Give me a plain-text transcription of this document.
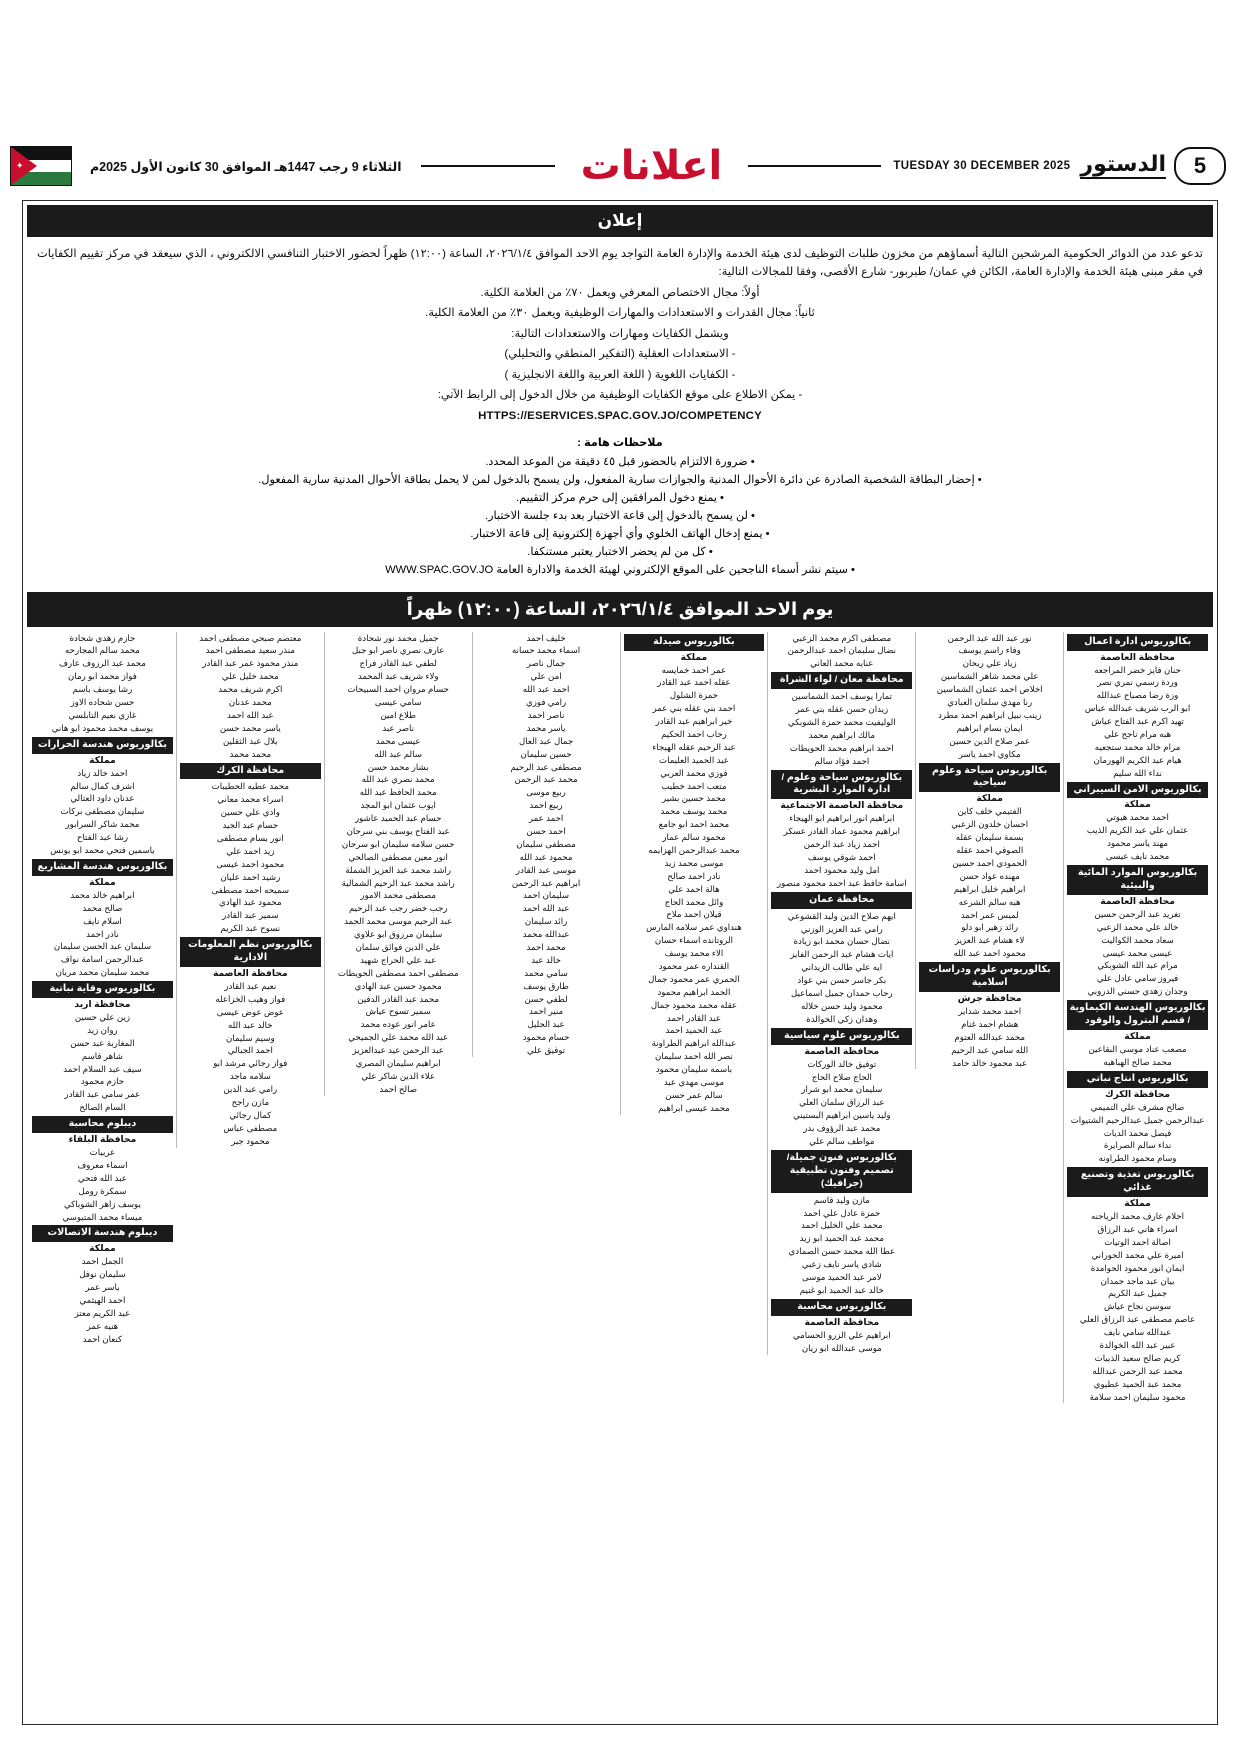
5
الدستور
TUESDAY 30 DECEMBER 2025
اعلانات
الثلاثاء 9 رجب 1447هـ الموافق 30 كانون الأول 2025م
✦
إعلان

تدعو عدد من الدوائر الحكومية المرشحين التالية أسماؤهم من مخزون طلبات التوظيف لدى هيئة الخدمة والإدارة العامة التواجد يوم الاحد الموافق ٢٠٢٦/١/٤، الساعة (١٢:٠٠) ظهراً لحضور الاختبار التنافسي الالكتروني ، الذي سيعقد في مركز تقييم الكفايات في مقر مبنى هيئة الخدمة والإدارة العامة، الكائن في عمان/ طبربور- شارع الأقصى، وفقا للمجالات التالية:

أولاً: مجال الاختصاص المعرفي ويعمل ٧٠٪ من العلامة الكلية.

ثانياً: مجال القدرات و الاستعدادات والمهارات الوظيفية ويعمل ٣٠٪ من العلامة الكلية.

ويشمل الكفايات ومهارات والاستعدادات التالية:

- الاستعدادات العقلية (التفكير المنطقي والتحليلي)

- الكفايات اللغوية ( اللغة العربية واللغة الانجليزية )

- يمكن الاطلاع على موقع الكفايات الوظيفية من خلال الدخول إلى الرابط الآتي:

HTTPS://ESERVICES.SPAC.GOV.JO/COMPETENCY

ملاحظات هامة :
• ضرورة الالتزام بالحضور قبل ٤٥ دقيقة من الموعد المحدد.
• إحضار البطاقة الشخصية الصادرة عن دائرة الأحوال المدنية والجوازات سارية المفعول، ولن يسمح بالدخول لمن لا يحمل بطاقة الأحوال المدنية سارية المفعول.
• يمنع دخول المرافقين إلى حرم مركز التقييم.
• لن يسمح بالدخول إلى قاعة الاختبار بعد بدء جلسة الاختبار.
• يمنع إدخال الهاتف الخلوي وأي أجهزة إلكترونية إلى قاعة الاختبار.
• كل من لم يحضر الاختبار يعتبر مستنكفا.
• سيتم نشر أسماء الناجحين على الموقع الإلكتروني لهيئة الخدمة والادارة العامة WWW.SPAC.GOV.JO
يوم الاحد الموافق ٢٠٢٦/١/٤، الساعة (١٢:٠٠) ظهراً
بكالوريوس ادارة اعمال
محافظة العاصمة
حنان فايز خضر المراجعه
وردة رسمي نمري نصر
وزة رضا مصباح عبدالله
ابو الرب شريف عبدالله عباس
تهيد اكرم عبد الفتاح عياش
هبه مرام ناجح علي
مرام خالد محمد ستجعيه
هيام عبد الكريم الهورمان
نداء الله سليم
بكالوريوس الامن السيبراني
مملكة
احمد محمد هيوتي
عثمان علي عبد الكريم الذيب
مهند ياسر محمود
محمد نايف عيسى
بكالوريوس الموارد المائية والبيئية
محافظة العاصمة
تغريد عبد الرحمن حسين
خالد علي محمد الزعبي
سعاد محمد الكواليت
عيسى محمد عيسى
مرام عبد الله الشوبكي
فيروز سامي عادل علي
وجدان زهدي حسني الدروبي
بكالوريوس الهندسة الكيماوية / قسم البترول والوقود
مملكة
مصعب عناد موسى البقاعين
محمد صالح الهباهبه
بكالوريوس انتاج نباتي
محافظة الكرك
صالح مشرف علي التميمي
عبدالرحمن جميل عبدالرحيم الشتيوات
فيصل محمد الديات
نداء سالم الصرايرة
وسام محمود الطراونه
بكالوريوس تغذية وتصنيع غذائي
مملكة
احلام عارف محمد الرياحنه
اسراء هاني عبد الرزاق
اصالة احمد الوتيات
اميرة علي محمد الحوراني
ايمان انور محمود الحوامدة
بيان عبد ماجد حمدان
جميل عبد الكريم
سوسن نجاح عياش
عاصم مصطفى عبد الرزاق العلي
عبدالله سامي نايف
عبير عبد الله الخوالدة
كريم صالح سعيد الذيبات
محمد عبد الرحمن عبدالله
محمد عبد الحميد عطيوي
محمود سليمان احمد سلامة
نور عبد الله عبد الرحمن
وفاء راسم يوسف
زياد علي ريحان
علي محمد شاهر الشماسين
اخلاص احمد عثمان الشماسين
رنا مهدي سلمان العبادي
زينب نبيل ابراهيم احمد مطرد
ايمان بسام ابراهيم
عمر صلاح الدين حسين
مكاوي احمد ياسر
بكالوريوس سياحة وعلوم سياحية
مملكة
الفتيمي خلف كاين
احسان خلدون الزعبي
بسمة سليمان عقله
الصوفي احمد عقله
الحمودي احمد حسين
مهنده عواد حسن
ابراهيم خليل ابراهيم
هبه سالم الشرعه
لميس عمر احمد
رائد زهير ابو دلو
لاء هشام عبد العزيز
محمود احمد عبد الله
بكالوريوس علوم ودراسات اسلامية
محافظة جرش
احمد محمد شداير
هشام احمد غنام
محمد عبدالله العتوم
الله سامي عبد الرحيم
عبد محمود خالد حامد
مصطفى اكرم محمد الزعبي
نضال سليمان احمد عبدالرحمن
عنايه محمد العاني
محافظة معان / لواء الشراة
تمارا يوسف احمد الشماسين
زيدان حسن عقله بني عمر
الوليفيت محمد حمزة الشوبكي
مالك ابراهيم محمد
احمد ابراهيم محمد الحويطات
احمد فؤاد سالم
بكالوريوس سياحة وعلوم / ادارة الموارد البشرية
محافظة العاصمة الاجتماعية
ابراهيم انور ابراهيم ابو الهيجاء
ابراهيم محمود عماد القادر عسكر
احمد زياد عبد الرحمن
احمد شوقي يوسف
امل وليد محمود احمد
اسامة حافظ عبد احمد محمود منصور
محافظة عمان
ايهم صلاح الدين وليد القشوعي
رامي عبد العزيز الوزني
نضال حسان محمد ابو زيادة
ايات هشام عبد الرحمن الفايز
ايه علي طالب الزيداني
بكر جاسر حسن بني عواد
رحاب حمدان جميل اسماعيل
محمود وليد حسن خلاله
وهدان زكي الخوالدة
بكالوريوس علوم سياسية
محافظة العاصمة
توفيق خالد الوركات
الحاج صلاح الحاج
سليمان محمد ابو شرار
عبد الرزاق سلمان العلي
وليد ياسين ابراهيم البستيني
محمد عبد الرؤوف بدر
مواطف سالم علي
بكالوريوس فنون جميلة/تصميم وفنون تطبيقية (جرافيك)
مازن وليد قاسم
حمزة عادل علي احمد
محمد علي الخليل احمد
محمد عبد الحميد ابو زيد
عطا الله محمد حسن الصمادي
شادي ياسر نايف زعبي
لامر عبد الحميد موسى
خالد عبد الحميد ابو غنيم
بكالوريوس محاسبة
محافظة العاصمة
ابراهيم علي الزرو الحسامي
موسى عبدالله ابو ريان
بكالوريوس صيدلة
مملكة
عمر احمد خمايسه
عقله احمد عبد القادر
حمزة الشلول
احمد بني عقله بني عمر
خير ابراهيم عبد القادر
رحاب احمد الحكيم
عبد الرحيم عقله الهيجاء
عبد الحميد العليمات
فوزي محمد العربي
متعب احمد خطيب
محمد حسين بشير
محمد يوسف محمد
محمد احمد ابو جامع
محمود سالم عمار
محمد عبدالرحمن الهزايمه
موسى محمد زيد
نادر احمد صالح
هالة احمد علي
وائل محمد الحاج
قيلان احمد ملاح
هنداوي عمر سلامه المارس
الروتانده اسماء حسان
الاء محمد يوسف
القنداره عمر محمود
الحمري عمر محمود جمال
الحمد ابراهيم محمود
عقله محمد محمود جمال
عبد القادر احمد
عبد الحميد احمد
عبدالله ابراهيم الطراونة
نصر الله احمد سليمان
باسمه سليمان محمود
موسى مهدي عبد
سالم عمر حسن
محمد عيسى ابراهيم
خليف احمد
اسماء محمد حسانه
جمال ناصر
امن علي
احمد عبد الله
رامي فوزي
ناصر احمد
ياسر محمد
جمال عبد العال
حسين سليمان
مصطفى عبد الرحيم
محمد عبد الرحمن
ربيع موسى
ربيع احمد
احمد عمر
احمد حسن
مصطفى سليمان
محمود عبد الله
موسى عبد القادر
ابراهيم عبد الرحمن
سليمان احمد
عبد الله احمد
رائد سليمان
عبدالله محمد
محمد احمد
خالد عبد
سامي محمد
طارق يوسف
لطفي حسن
منير احمد
عبد الجليل
حسام محمود
توفيق علي
جميل محمد نور شحادة
عارف نصري ناصر ابو جبل
لطفي عبد القادر فراج
ولاء شريف عبد المحمد
حسام مروان احمد السبيحات
سامي عيسى
طلاع امين
ناصر عبد
عيسى محمد
سالم عبد الله
بشار محمد حسن
محمد نصري عبد الله
محمد الحافظ عبد الله
ايوب عثمان ابو المجد
حسام عبد الحميد عاشور
عبد الفتاح يوسف بني سرحان
حسن سلامه سليمان ابو سرحان
انور معين مصطفى الصالحي
راشد محمد عبد العزيز الشملة
راشد محمد عبد الرحيم الشمالية
مصطفى محمد الامور
رجب خضر رجب عبد الرحيم
عبد الرحيم موسى محمد الحمد
سليمان مرزوق ابو علاوي
علي الدين فوائق سلمان
عبد علي الحراج شهيد
مصطفى احمد مصطفى الحويطات
محمود حسين عبد الهادي
محمد عبد القادر الدفين
سمير تسوح عياش
عامر انور عوده محمد
عبد الله محمد علي الجميحي
عبد الرحمن عيد عبدالعزيز
ابراهيم سليمان المصري
علاء الدين شاكر علي
صالح احمد
معتصم صبحي مصطفى احمد
منذر سعيد مصطفى احمد
منذر محمود عمر عبد القادر
محمد خليل علي
اكرم شريف محمد
محمد عدنان
عبد الله احمد
ياسر محمد حسن
بلال عبد الثقلين
محمد محمد
محافظة الكرك
محمد عطيه الحطيبات
اسراء محمد معاني
وادي علي حسين
حسام عبد الجيد
انور بسام مصطفى
زيد احمد علي
محمود احمد عيسى
رشيد احمد عليان
سميحه احمد مصطفى
محمود عبد الهادي
سمير عبد القادر
نسوح عبد الكريم
بكالوريوس نظم المعلومات الادارية
محافظة العاصمة
نعيم عبد القادر
فواز وهيب الخزاعله
عوض عوض عيسى
خالد عبد الله
وسيم سليمان
احمد الجبالي
فواز رجائي مرشد ابو
سلامه ماجد
رامي عبد الدين
مازن راجح
كمال رجائي
مصطفى عباس
محمود جبر
حازم زهدي شحادة
محمد سالم المجارحه
محمد عبد الرزوف عارف
فواز محمد ابو رمان
رشا يوسف باسم
حسن شحاده الاوز
غازي نعيم التابلسي
يوسف محمد محمود ابو هاني
بكالوريوس هندسة الحرارات
مملكة
احمد خالد زياد
اشرف كمال سالم
عدنان داود العتالي
سليمان مصطفى بركات
محمد شاكر السرابور
رشا عبد الفتاح
ياسمين فتحي محمد ابو يونس
بكالوريوس هندسة المشاريع
مملكة
ابراهيم خالد محمد
صالح محمد
اسلام نايف
نادر احمد
سليمان عبد الحسن سليمان
عبدالرحمن اسامة نواف
محمد سليمان محمد مريان
بكالوريوس وقاية نباتية
محافظة اربد
زين علي حسين
روان زيد
المغاربة عبد حسن
شاهر قاسم
سيف عبد السلام احمد
حازم محمود
عمر سامي عبد القادر
السام الصالح
ديبلوم محاسبة
محافظة البلقاء
عربيات
اسماء معروف
عبد الله فتحي
سمكرة رومل
يوسف زاهر الشوباكي
ميساء محمد المتيوسي
ديبلوم هندسة الاتصالات
مملكة
الجمل احمد
سليمان نوفل
ياسر عمر
احمد الهيثمي
عبد الكريم معتز
هنيه عمر
كنعان احمد
